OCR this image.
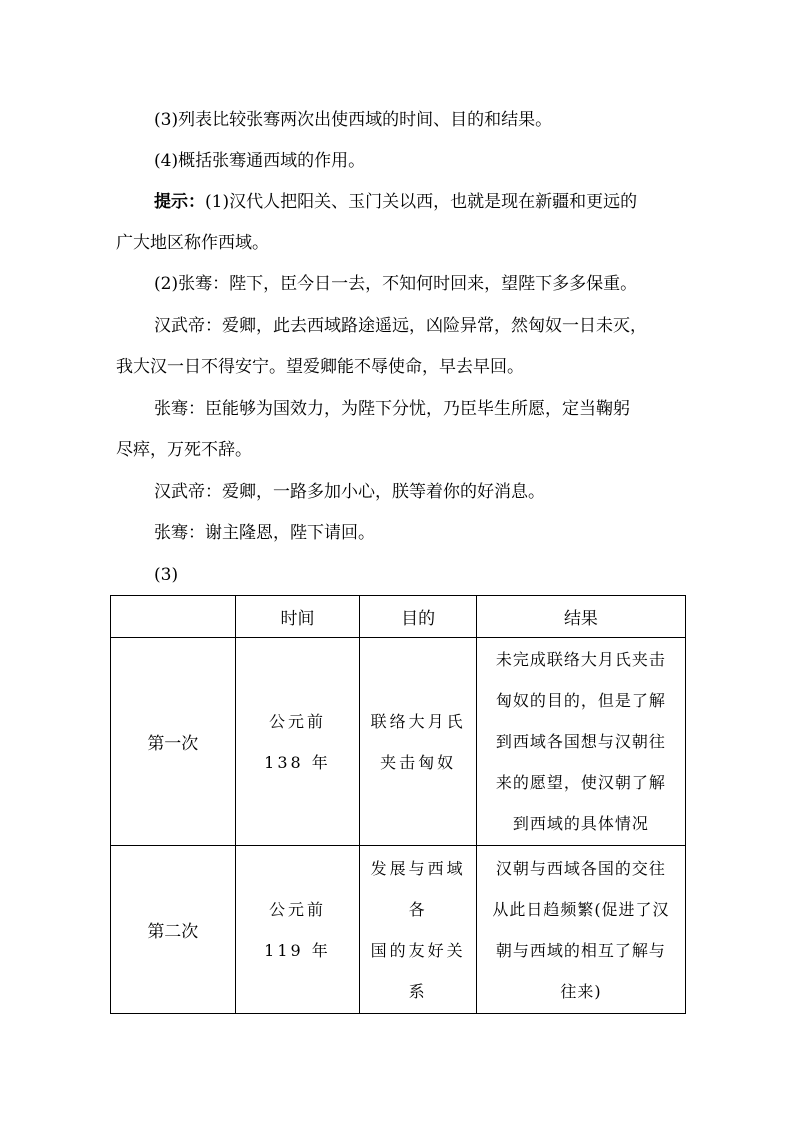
(3)列表比较张骞两次出使西域的时间、目的和结果。
(4)概括张骞通西域的作用。
提示：(1)汉代人把阳关、玉门关以西，也就是现在新疆和更远的
广大地区称作西域。
(2)张骞：陛下，臣今日一去，不知何时回来，望陛下多多保重。
汉武帝：爱卿，此去西域路途遥远，凶险异常，然匈奴一日未灭，
我大汉一日不得安宁。望爱卿能不辱使命，早去早回。
张骞：臣能够为国效力，为陛下分忧，乃臣毕生所愿，定当鞠躬
尽瘁，万死不辞。
汉武帝：爱卿，一路多加小心，朕等着你的好消息。
张骞：谢主隆恩，陛下请回。
(3)
	时间	目的	结果
第一次	公元前
138 年	联络大月氏
夹击匈奴	未完成联络大月氏夹击
匈奴的目的，但是了解
到西域各国想与汉朝往
来的愿望，使汉朝了解
到西域的具体情况

第二次	公元前
119 年	发展与西域
各
国的友好关
系	汉朝与西域各国的交往
从此日趋频繁(促进了汉
朝与西域的相互了解与
往来)
